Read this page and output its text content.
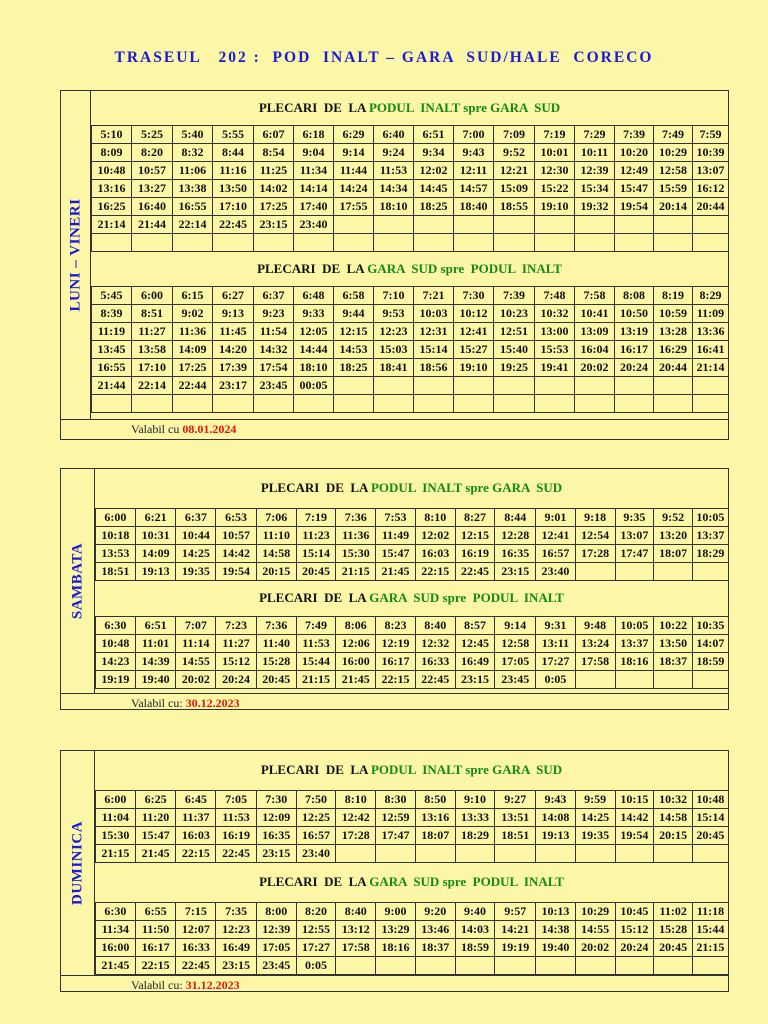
TRASEUL   202 :  POD  INALT – GARA  SUD/HALE  CORECO
LUNI – VINERI
PLECARI  DE  LA PODUL  INALT spre GARA  SUD
5:10	5:25	5:40	5:55	6:07	6:18	6:29	6:40	6:51	7:00	7:09	7:19	7:29	7:39	7:49	7:59
8:09	8:20	8:32	8:44	8:54	9:04	9:14	9:24	9:34	9:43	9:52	10:01	10:11	10:20	10:29	10:39
10:48	10:57	11:06	11:16	11:25	11:34	11:44	11:53	12:02	12:11	12:21	12:30	12:39	12:49	12:58	13:07
13:16	13:27	13:38	13:50	14:02	14:14	14:24	14:34	14:45	14:57	15:09	15:22	15:34	15:47	15:59	16:12
16:25	16:40	16:55	17:10	17:25	17:40	17:55	18:10	18:25	18:40	18:55	19:10	19:32	19:54	20:14	20:44
21:14	21:44	22:14	22:45	23:15	23:40										

PLECARI  DE  LA GARA  SUD spre  PODUL  INALT
5:45	6:00	6:15	6:27	6:37	6:48	6:58	7:10	7:21	7:30	7:39	7:48	7:58	8:08	8:19	8:29
8:39	8:51	9:02	9:13	9:23	9:33	9:44	9:53	10:03	10:12	10:23	10:32	10:41	10:50	10:59	11:09
11:19	11:27	11:36	11:45	11:54	12:05	12:15	12:23	12:31	12:41	12:51	13:00	13:09	13:19	13:28	13:36
13:45	13:58	14:09	14:20	14:32	14:44	14:53	15:03	15:14	15:27	15:40	15:53	16:04	16:17	16:29	16:41
16:55	17:10	17:25	17:39	17:54	18:10	18:25	18:41	18:56	19:10	19:25	19:41	20:02	20:24	20:44	21:14
21:44	22:14	22:44	23:17	23:45	00:05										

Valabil cu 08.01.2024
SAMBATA
PLECARI  DE  LA PODUL  INALT spre GARA  SUD
6:00	6:21	6:37	6:53	7:06	7:19	7:36	7:53	8:10	8:27	8:44	9:01	9:18	9:35	9:52	10:05
10:18	10:31	10:44	10:57	11:10	11:23	11:36	11:49	12:02	12:15	12:28	12:41	12:54	13:07	13:20	13:37
13:53	14:09	14:25	14:42	14:58	15:14	15:30	15:47	16:03	16:19	16:35	16:57	17:28	17:47	18:07	18:29
18:51	19:13	19:35	19:54	20:15	20:45	21:15	21:45	22:15	22:45	23:15	23:40				
PLECARI  DE  LA GARA  SUD spre  PODUL  INALT
6:30	6:51	7:07	7:23	7:36	7:49	8:06	8:23	8:40	8:57	9:14	9:31	9:48	10:05	10:22	10:35
10:48	11:01	11:14	11:27	11:40	11:53	12:06	12:19	12:32	12:45	12:58	13:11	13:24	13:37	13:50	14:07
14:23	14:39	14:55	15:12	15:28	15:44	16:00	16:17	16:33	16:49	17:05	17:27	17:58	18:16	18:37	18:59
19:19	19:40	20:02	20:24	20:45	21:15	21:45	22:15	22:45	23:15	23:45	0:05				
Valabil cu: 30.12.2023
DUMINICA
PLECARI  DE  LA PODUL  INALT spre GARA  SUD
6:00	6:25	6:45	7:05	7:30	7:50	8:10	8:30	8:50	9:10	9:27	9:43	9:59	10:15	10:32	10:48
11:04	11:20	11:37	11:53	12:09	12:25	12:42	12:59	13:16	13:33	13:51	14:08	14:25	14:42	14:58	15:14
15:30	15:47	16:03	16:19	16:35	16:57	17:28	17:47	18:07	18:29	18:51	19:13	19:35	19:54	20:15	20:45
21:15	21:45	22:15	22:45	23:15	23:40										
PLECARI  DE  LA GARA  SUD spre  PODUL  INALT
6:30	6:55	7:15	7:35	8:00	8:20	8:40	9:00	9:20	9:40	9:57	10:13	10:29	10:45	11:02	11:18
11:34	11:50	12:07	12:23	12:39	12:55	13:12	13:29	13:46	14:03	14:21	14:38	14:55	15:12	15:28	15:44
16:00	16:17	16:33	16:49	17:05	17:27	17:58	18:16	18:37	18:59	19:19	19:40	20:02	20:24	20:45	21:15
21:45	22:15	22:45	23:15	23:45	0:05										
Valabil cu: 31.12.2023
